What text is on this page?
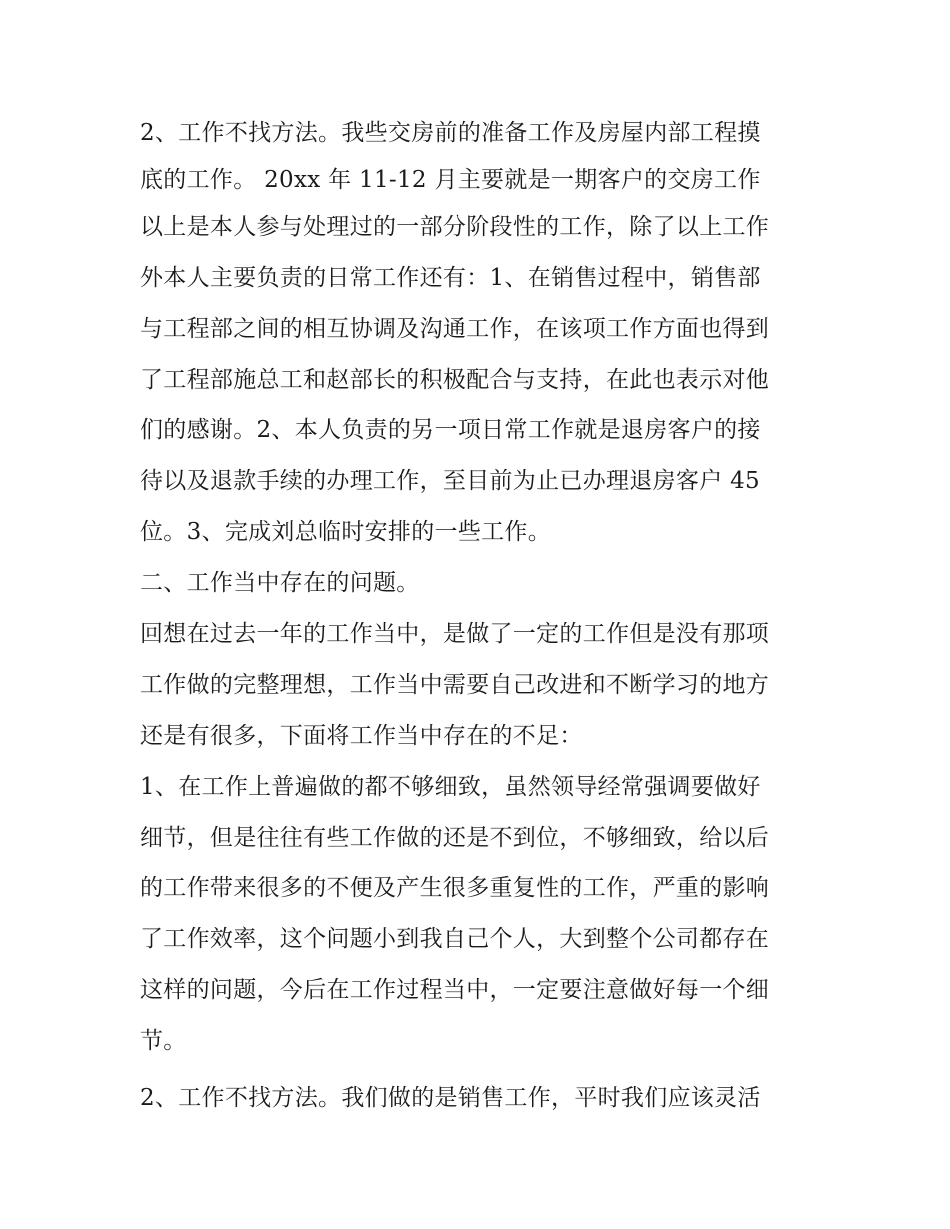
2、工作不找方法。我些交房前的准备工作及房屋内部工程摸
底的工作。 20xx 年 11-12 月主要就是一期客户的交房工作
以上是本人参与处理过的一部分阶段性的工作，除了以上工作
外本人主要负责的日常工作还有：1、在销售过程中，销售部
与工程部之间的相互协调及沟通工作，在该项工作方面也得到
了工程部施总工和赵部长的积极配合与支持，在此也表示对他
们的感谢。2、本人负责的另一项日常工作就是退房客户的接
待以及退款手续的办理工作，至目前为止已办理退房客户 45
位。3、完成刘总临时安排的一些工作。
二、工作当中存在的问题。
回想在过去一年的工作当中，是做了一定的工作但是没有那项
工作做的完整理想，工作当中需要自己改进和不断学习的地方
还是有很多，下面将工作当中存在的不足：
1、在工作上普遍做的都不够细致，虽然领导经常强调要做好
细节，但是往往有些工作做的还是不到位，不够细致，给以后
的工作带来很多的不便及产生很多重复性的工作，严重的影响
了工作效率，这个问题小到我自己个人，大到整个公司都存在
这样的问题，今后在工作过程当中，一定要注意做好每一个细
节。
2、工作不找方法。我们做的是销售工作，平时我们应该灵活
